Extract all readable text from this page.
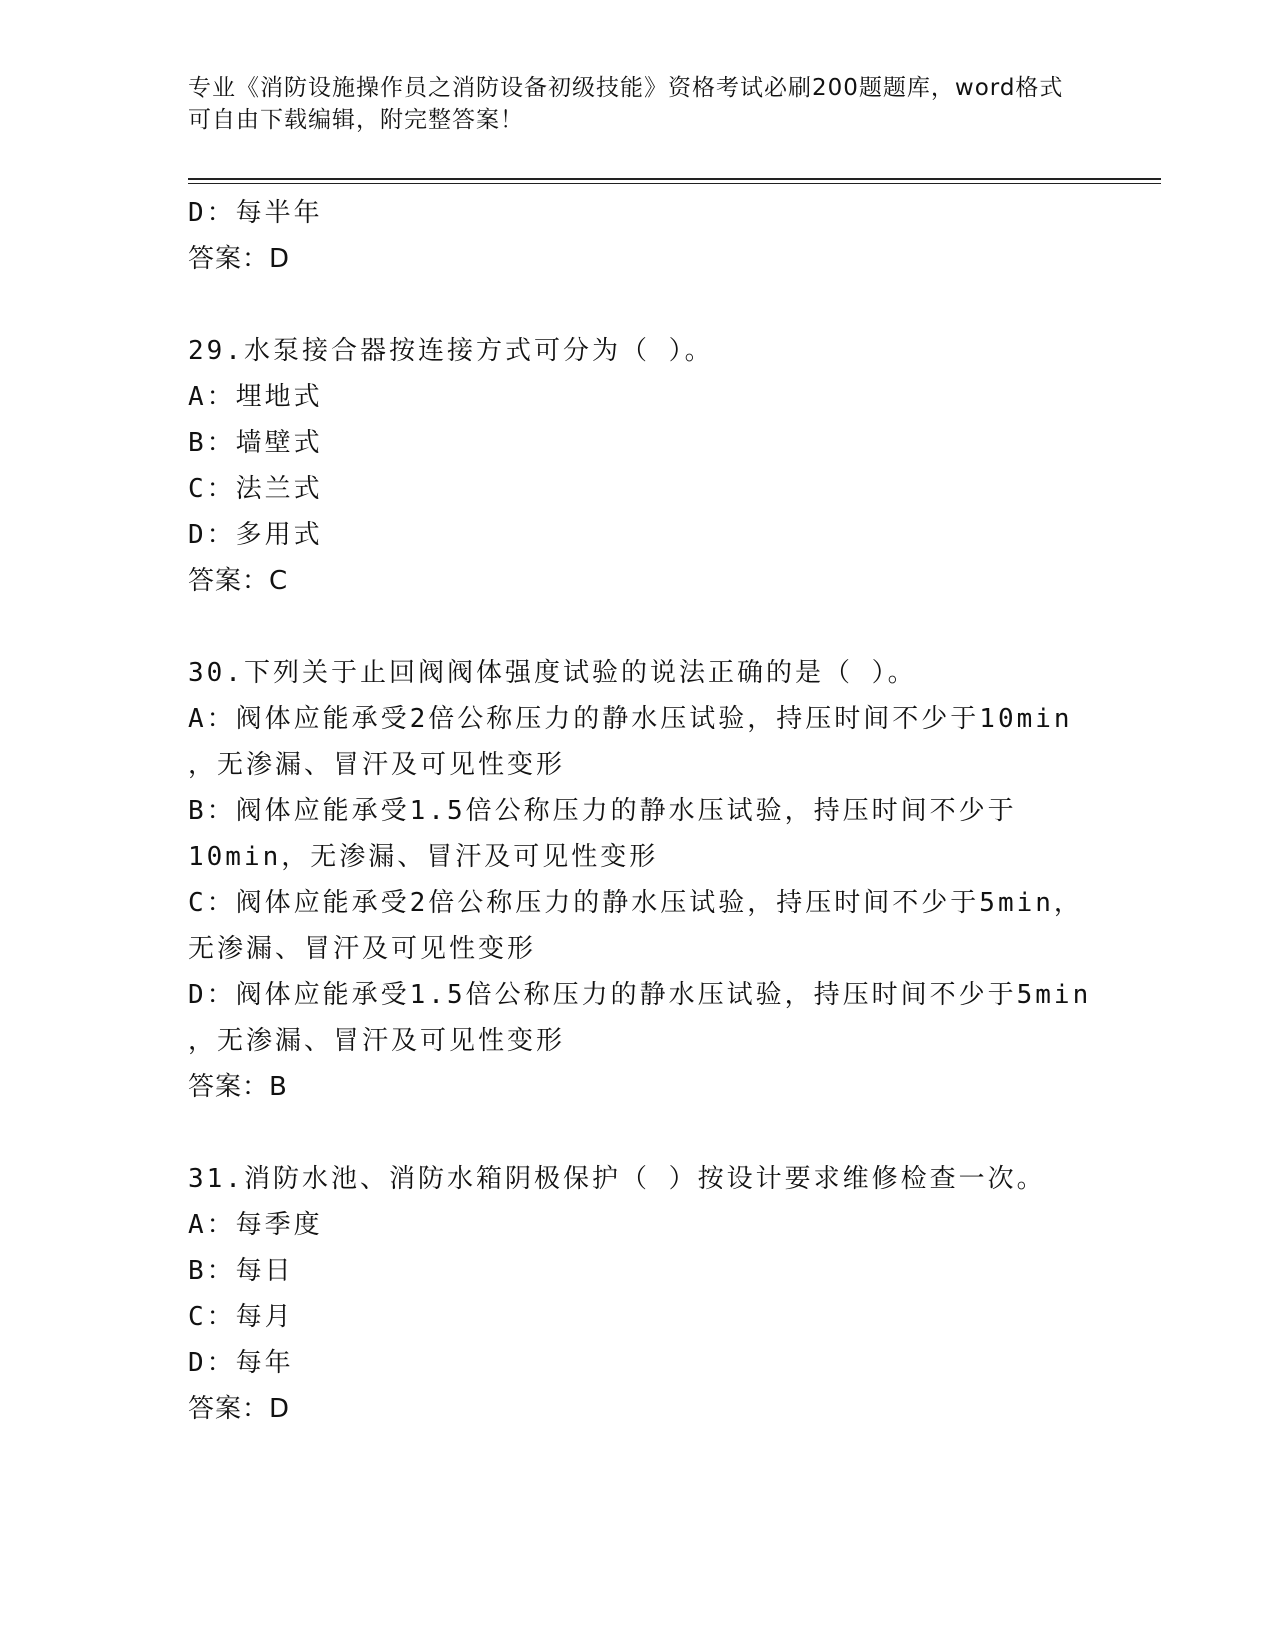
专业《消防设施操作员之消防设备初级技能》资格考试必刷200题题库，word格式可自由下载编辑，附完整答案！
D：每半年
答案：D
29.水泵接合器按连接方式可分为（ ）。
A：埋地式
B：墙壁式
C：法兰式
D：多用式
答案：C
30.下列关于止回阀阀体强度试验的说法正确的是（ ）。
A：阀体应能承受2倍公称压力的静水压试验，持压时间不少于10min
，无渗漏、冒汗及可见性变形
B：阀体应能承受1.5倍公称压力的静水压试验，持压时间不少于
10min，无渗漏、冒汗及可见性变形
C：阀体应能承受2倍公称压力的静水压试验，持压时间不少于5min，
无渗漏、冒汗及可见性变形
D：阀体应能承受1.5倍公称压力的静水压试验，持压时间不少于5min
，无渗漏、冒汗及可见性变形
答案：B
31.消防水池、消防水箱阴极保护（ ）按设计要求维修检查一次。
A：每季度
B：每日
C：每月
D：每年
答案：D
